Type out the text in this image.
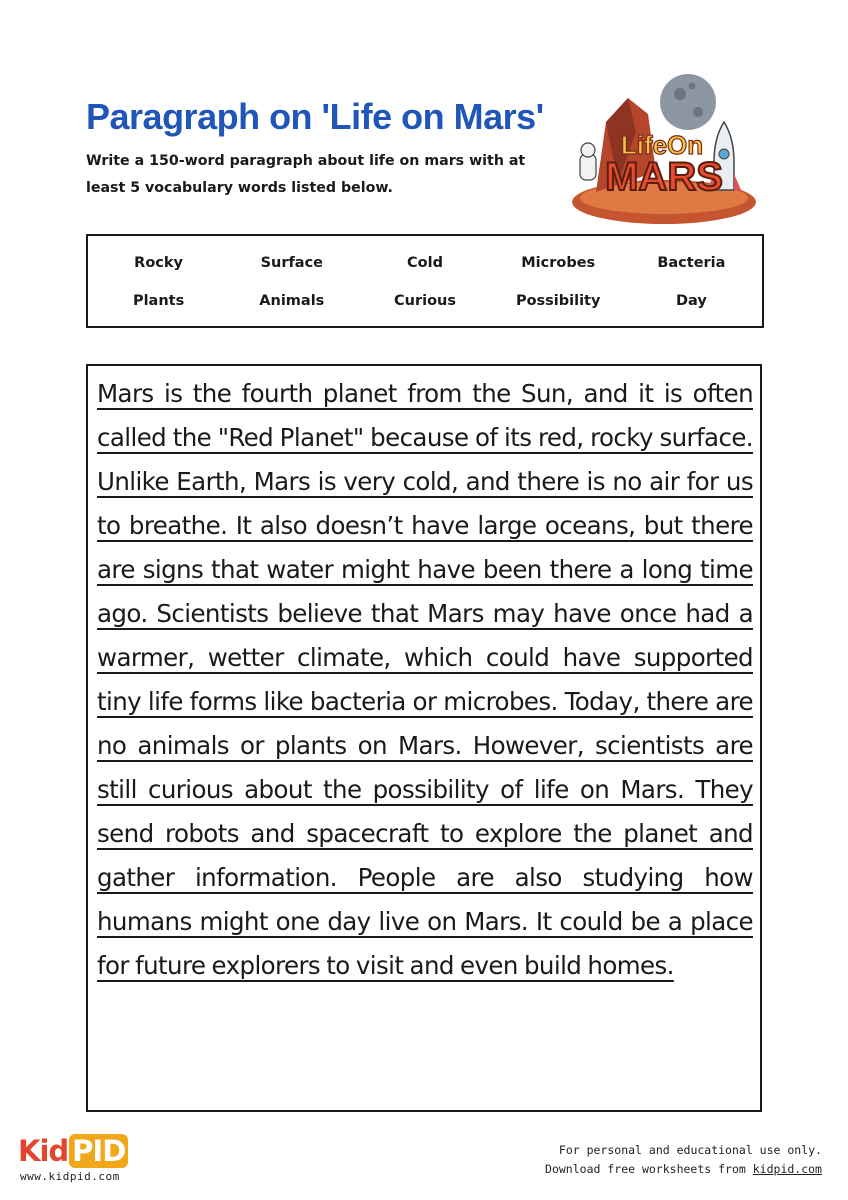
Paragraph on 'Life on Mars'

Write a 150-word paragraph about life on mars with at least 5 vocabulary words listed below.

LifeOn
MARS
Rocky	Surface	Cold	Microbes	Bacteria
Plants	Animals	Curious	Possibility	Day

Mars is the fourth planet from the Sun, and it is often called the "Red Planet" because of its red, rocky surface. Unlike Earth, Mars is very cold, and there is no air for us to breathe. It also doesn’t have large oceans, but there are signs that water might have been there a long time ago. Scientists believe that Mars may have once had a warmer, wetter climate, which could have supported tiny life forms like bacteria or microbes. Today, there are no animals or plants on Mars. However, scientists are still curious about the possibility of life on Mars. They send robots and spacecraft to explore the planet and gather information. People are also studying how humans might one day live on Mars. It could be a place for future explorers to visit and even build homes.

Kid PID
www.kidpid.com
For personal and educational use only.
Download free worksheets from kidpid.com
